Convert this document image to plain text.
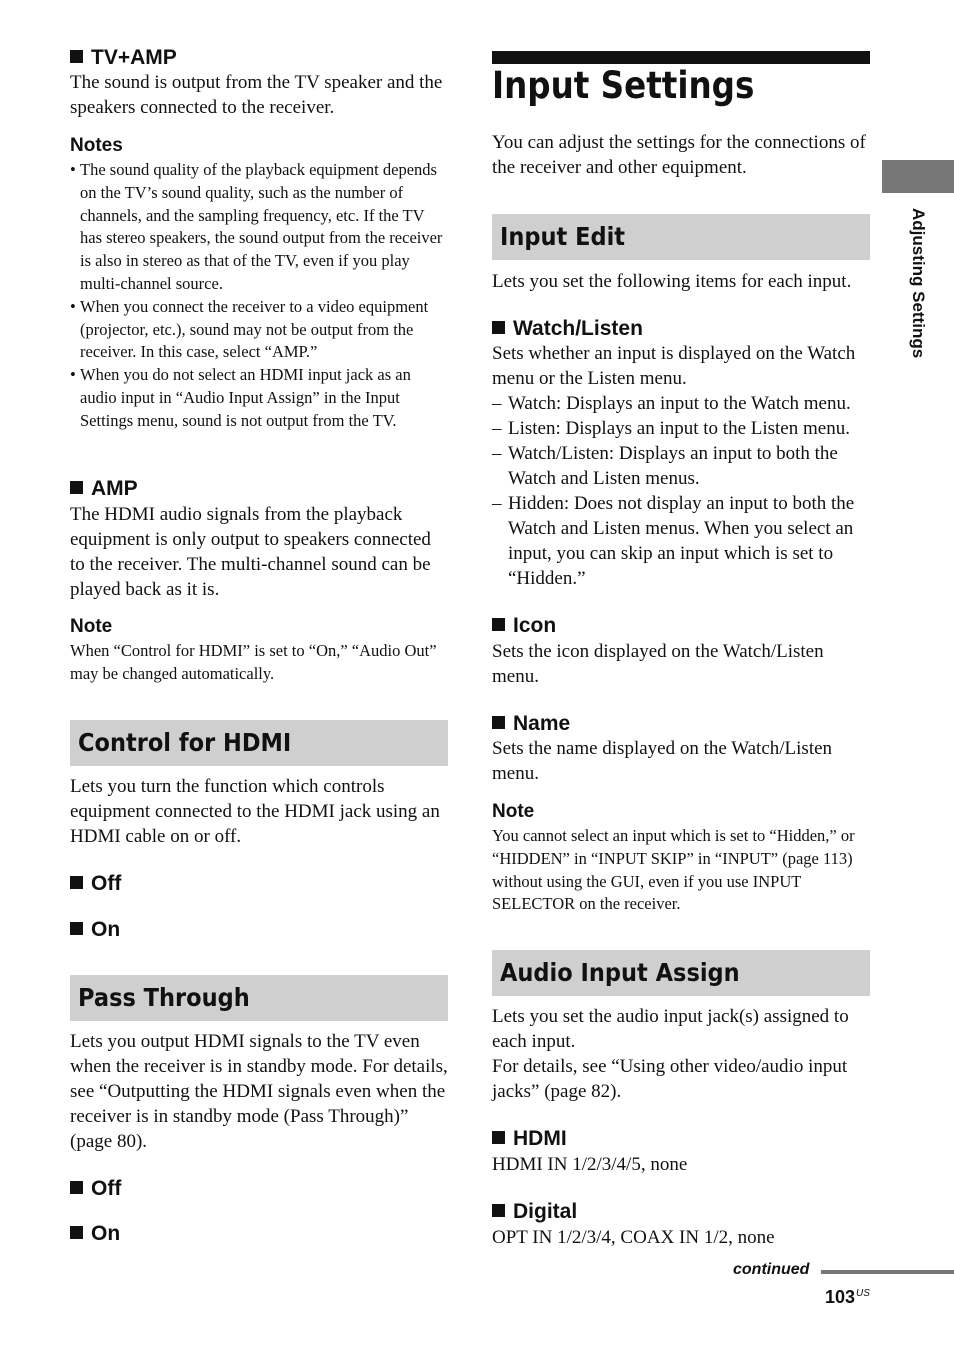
TV+AMP
The sound is output from the TV speaker and the speakers connected to the receiver.
Notes
• The sound quality of the playback equipment depends on the TV’s sound quality, such as the number of channels, and the sampling frequency, etc. If the TV has stereo speakers, the sound output from the receiver is also in stereo as that of the TV, even if you play multi-channel source.
• When you connect the receiver to a video equipment (projector, etc.), sound may not be output from the receiver. In this case, select “AMP.”
• When you do not select an HDMI input jack as an audio input in “Audio Input Assign” in the Input Settings menu, sound is not output from the TV.
AMP
The HDMI audio signals from the playback equipment is only output to speakers connected to the receiver. The multi-channel sound can be played back as it is.
Note
When “Control for HDMI” is set to “On,” “Audio Out” may be changed automatically.
Control for HDMI
Lets you turn the function which controls equipment connected to the HDMI jack using an HDMI cable on or off.
Off
On
Pass Through
Lets you output HDMI signals to the TV even when the receiver is in standby mode. For details, see “Outputting the HDMI signals even when the receiver is in standby mode (Pass Through)” (page 80).
Off
On
Input Settings
You can adjust the settings for the connections of the receiver and other equipment.
Input Edit
Lets you set the following items for each input.
Watch/Listen
Sets whether an input is displayed on the Watch menu or the Listen menu.
– Watch: Displays an input to the Watch menu.
– Listen: Displays an input to the Listen menu.
– Watch/Listen: Displays an input to both the Watch and Listen menus.
– Hidden: Does not display an input to both the Watch and Listen menus. When you select an input, you can skip an input which is set to “Hidden.”
Icon
Sets the icon displayed on the Watch/Listen menu.
Name
Sets the name displayed on the Watch/Listen menu.
Note
You cannot select an input which is set to “Hidden,” or “HIDDEN” in “INPUT SKIP” in “INPUT” (page 113) without using the GUI, even if you use INPUT SELECTOR on the receiver.
Audio Input Assign
Lets you set the audio input jack(s) assigned to each input.
For details, see “Using other video/audio input jacks” (page 82).
HDMI
HDMI IN 1/2/3/4/5, none
Digital
OPT IN 1/2/3/4, COAX IN 1/2, none
Adjusting Settings
continued
$103^{US}$
